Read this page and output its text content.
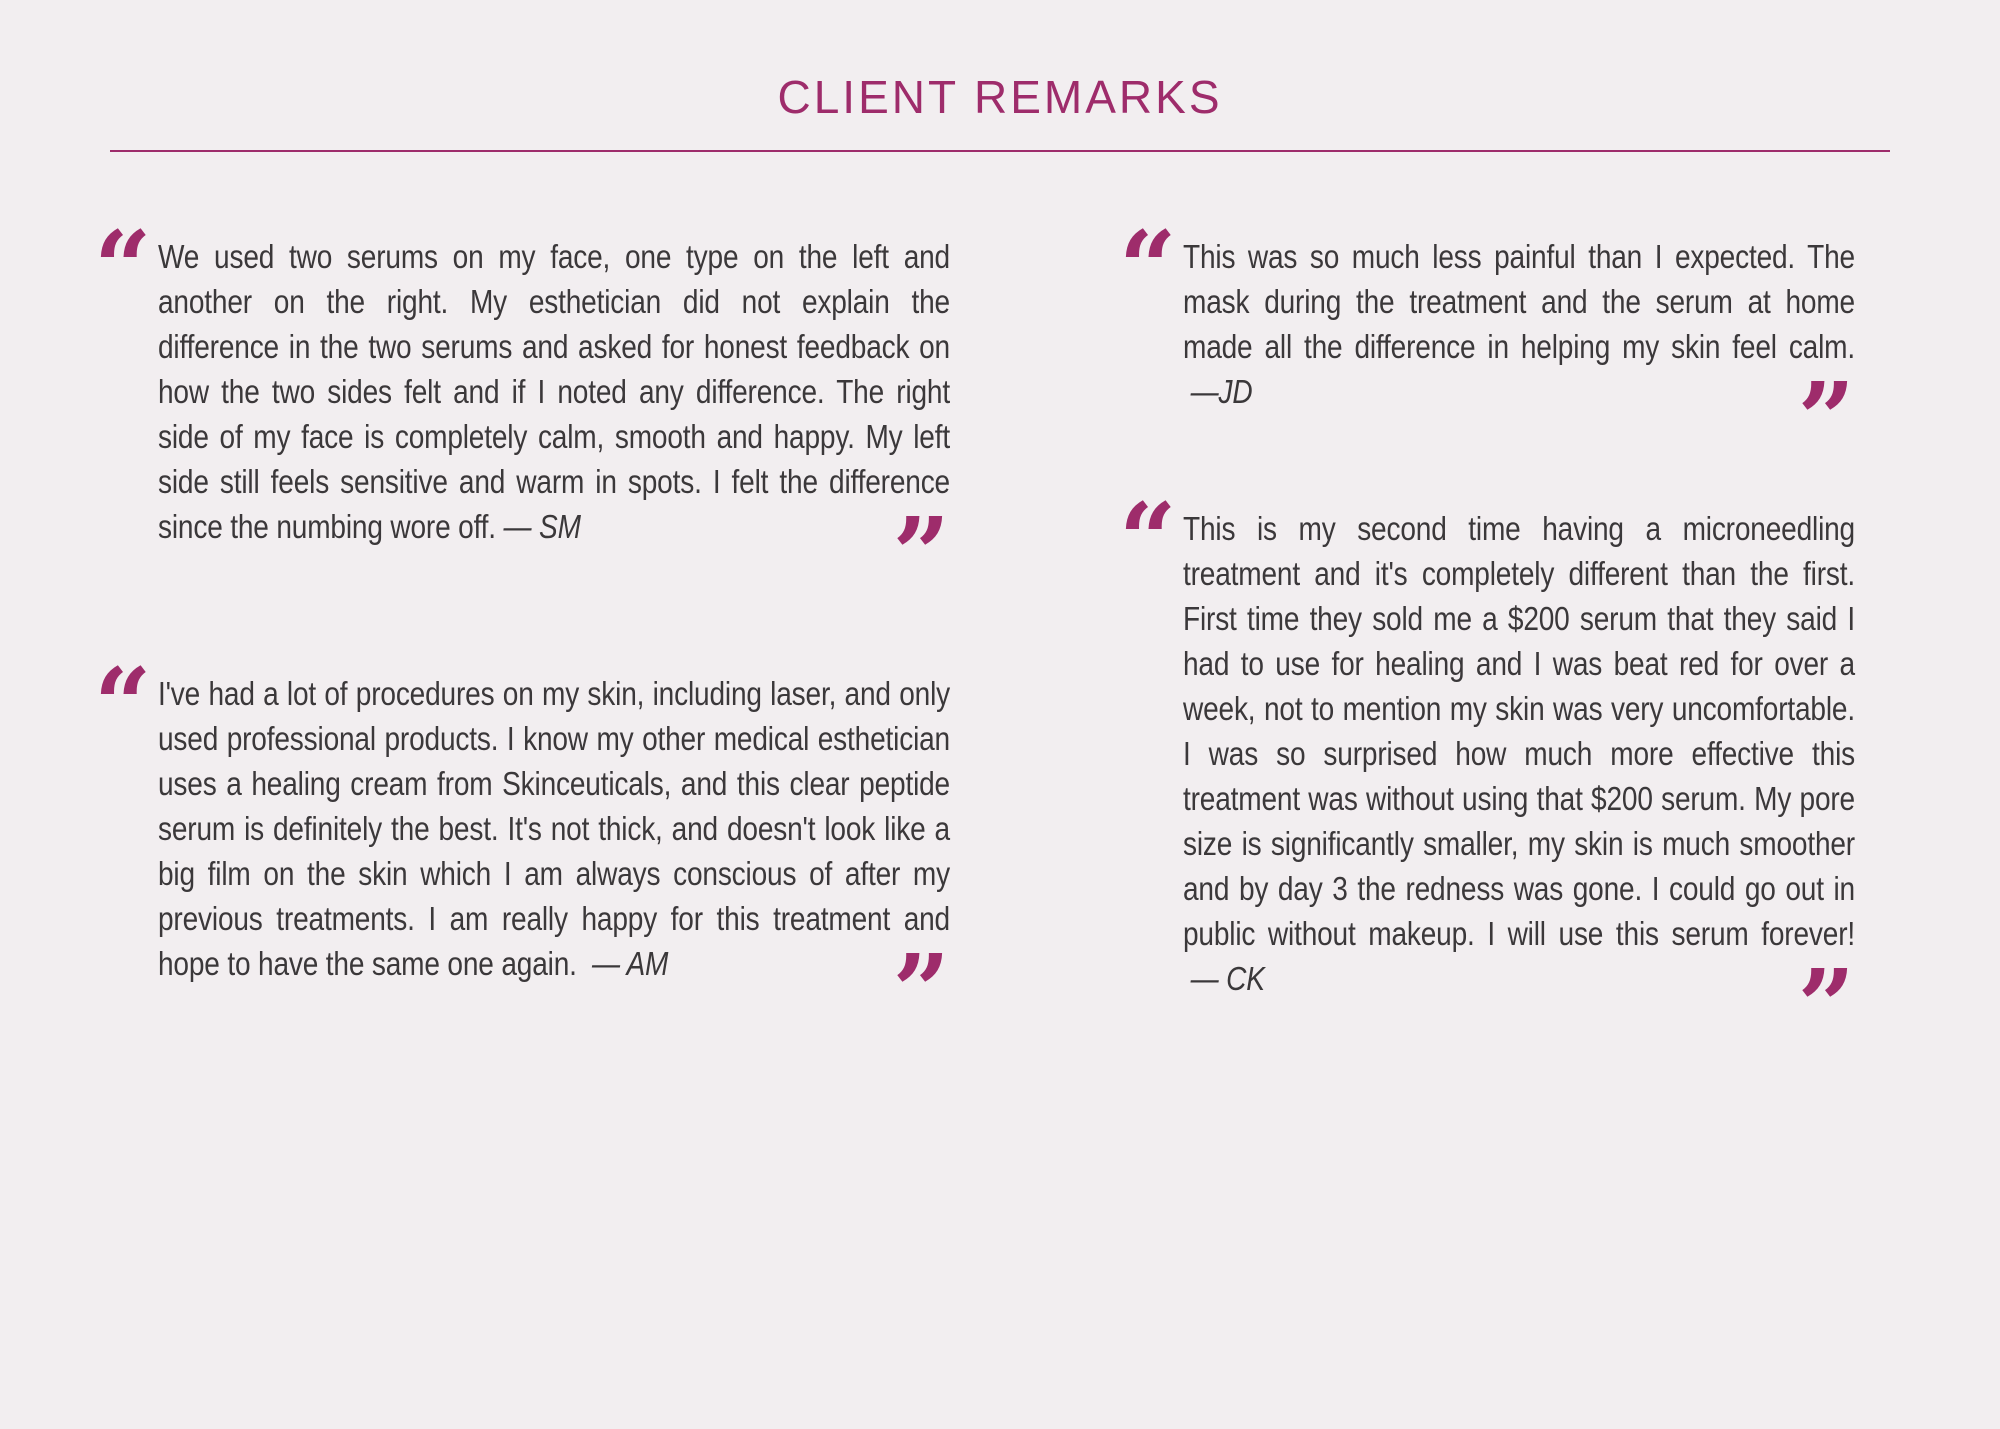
CLIENT REMARKS
“ We used two serums on my face, one type on the left and another on the right. My esthetician did not explain the difference in the two serums and asked for honest feedback on how the two sides felt and if I noted any difference. The right side of my face is completely calm, smooth and happy. My left side still feels sensitive and warm in spots. I felt the difference since the numbing wore off. — SM	”
“ I've had a lot of procedures on my skin, including laser, and only used professional products. I know my other medical esthetician uses a healing cream from Skinceuticals, and this clear peptide serum is definitely the best. It's not thick, and doesn't look like a big film on the skin which I am always conscious of after my previous treatments. I am really happy for this treatment and hope to have the same one again.  — AM	”
“ This was so much less painful than I expected. The mask during the treatment and the serum at home made all the difference in helping my skin feel calm. —JD	”
“ This is my second time having a microneedling treatment and it's completely different than the first. First time they sold me a $200 serum that they said I had to use for healing and I was beat red for over a week, not to mention my skin was very uncomfortable. I was so surprised how much more effective this treatment was without using that $200 serum. My pore size is significantly smaller, my skin is much smoother and by day 3 the redness was gone. I could go out in public without makeup. I will use this serum forever! — CK	”
